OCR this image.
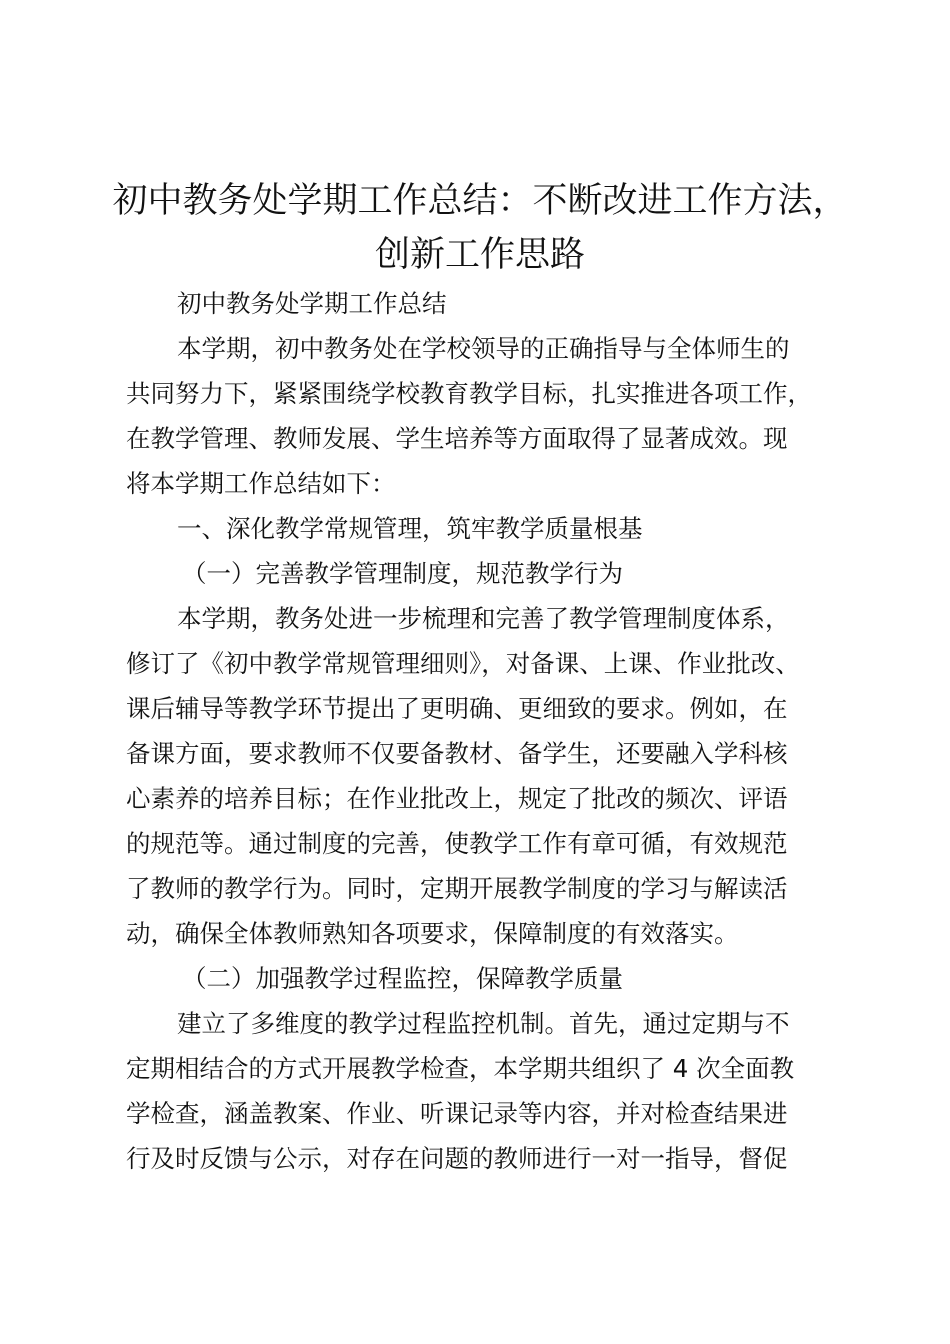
初中教务处学期工作总结：不断改进工作方法，
创新工作思路

初中教务处学期工作总结

本学期，初中教务处在学校领导的正确指导与全体师生的

共同努力下，紧紧围绕学校教育教学目标，扎实推进各项工作，

在教学管理、教师发展、学生培养等方面取得了显著成效。现

将本学期工作总结如下：

一、深化教学常规管理，筑牢教学质量根基

（一）完善教学管理制度，规范教学行为

本学期，教务处进一步梳理和完善了教学管理制度体系，

修订了《初中教学常规管理细则》，对备课、上课、作业批改、

课后辅导等教学环节提出了更明确、更细致的要求。例如，在

备课方面，要求教师不仅要备教材、备学生，还要融入学科核

心素养的培养目标；在作业批改上，规定了批改的频次、评语

的规范等。通过制度的完善，使教学工作有章可循，有效规范

了教师的教学行为。同时，定期开展教学制度的学习与解读活

动，确保全体教师熟知各项要求，保障制度的有效落实。

（二）加强教学过程监控，保障教学质量

建立了多维度的教学过程监控机制。首先，通过定期与不

定期相结合的方式开展教学检查，本学期共组织了 4 次全面教

学检查，涵盖教案、作业、听课记录等内容，并对检查结果进

行及时反馈与公示，对存在问题的教师进行一对一指导，督促
